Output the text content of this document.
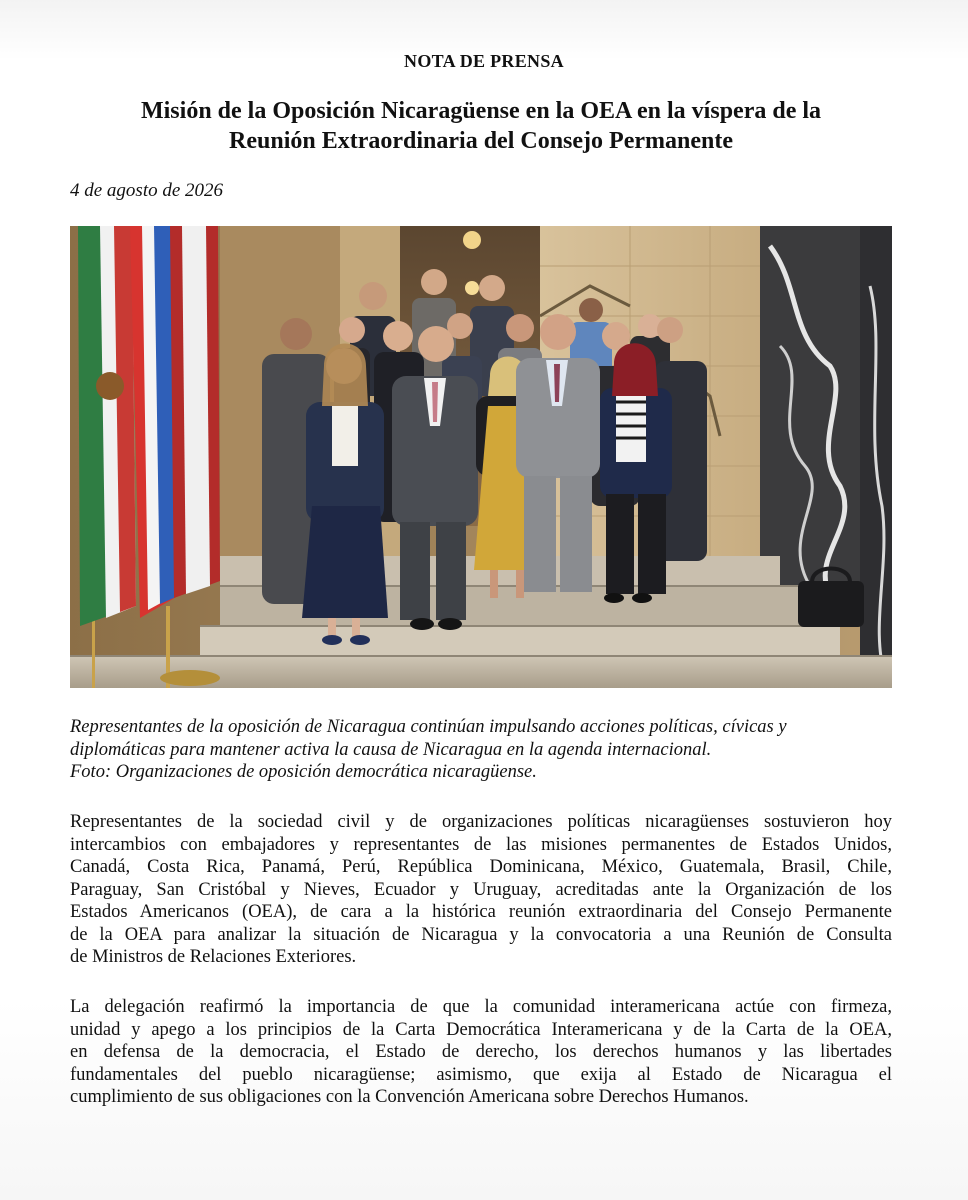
NOTA DE PRENSA
Misión de la Oposición Nicaragüense en la OEA en la víspera de la
Reunión Extraordinaria del Consejo Permanente
4 de agosto de 2026
Representantes de la oposición de Nicaragua continúan impulsando acciones políticas, cívicas y
diplomáticas para mantener activa la causa de Nicaragua en la agenda internacional.
Foto: Organizaciones de oposición democrática nicaragüense.
Representantes de la sociedad civil y de organizaciones políticas nicaragüenses sostuvieron hoy
intercambios con embajadores y representantes de las misiones permanentes de Estados Unidos,
Canadá, Costa Rica, Panamá, Perú, República Dominicana, México, Guatemala, Brasil, Chile,
Paraguay, San Cristóbal y Nieves, Ecuador y Uruguay, acreditadas ante la Organización de los
Estados Americanos (OEA), de cara a la histórica reunión extraordinaria del Consejo Permanente
de la OEA para analizar la situación de Nicaragua y la convocatoria a una Reunión de Consulta
de Ministros de Relaciones Exteriores.
La delegación reafirmó la importancia de que la comunidad interamericana actúe con firmeza,
unidad y apego a los principios de la Carta Democrática Interamericana y de la Carta de la OEA,
en defensa de la democracia, el Estado de derecho, los derechos humanos y las libertades
fundamentales del pueblo nicaragüense; asimismo, que exija al Estado de Nicaragua el
cumplimiento de sus obligaciones con la Convención Americana sobre Derechos Humanos.
